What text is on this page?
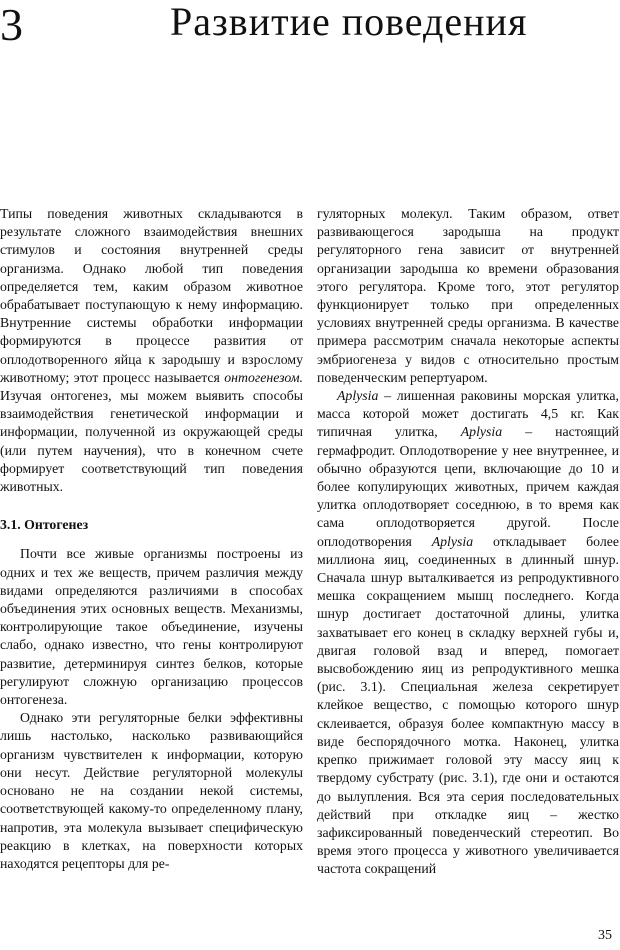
3	Развитие поведения

Типы поведения животных складываются в результате сложного взаимодействия внешних стимулов и состояния внутренней среды организма. Однако любой тип поведения определяется тем, каким образом животное обрабатывает поступающую к нему информацию. Внутренние системы обработки информации формируются в процессе развития от оплодотворенного яйца к зародышу и взрослому животному; этот процесс называется онтогенезом. Изучая онтогенез, мы можем выявить способы взаимодействия генетической информации и информации, полученной из окружающей среды (или путем научения), что в конечном счете формирует соответствующий тип поведения животных.

3.1. Онтогенез

Почти все живые организмы построены из одних и тех же веществ, причем различия между видами определяются различиями в способах объединения этих основных веществ. Механизмы, контролирующие такое объединение, изучены слабо, однако известно, что гены контролируют развитие, детерминируя синтез белков, которые регулируют сложную организацию процессов онтогенеза.

Однако эти регуляторные белки эффективны лишь настолько, насколько развивающийся организм чувствителен к информации, которую они несут. Действие регуляторной молекулы основано не на создании некой системы, соответствующей какому-то определенному плану, напротив, эта молекула вызывает специфическую реакцию в клетках, на поверхности которых находятся рецепторы для ре-

гуляторных молекул. Таким образом, ответ развивающегося зародыша на продукт регуляторного гена зависит от внутренней организации зародыша ко времени образования этого регулятора. Кроме того, этот регулятор функционирует только при определенных условиях внутренней среды организма. В качестве примера рассмотрим сначала некоторые аспекты эмбриогенеза у видов с относительно простым поведенческим репертуаром.

Aplysia – лишенная раковины морская улитка, масса которой может достигать 4,5 кг. Как типичная улитка, Aplysia – настоящий гермафродит. Оплодотворение у нее внутреннее, и обычно образуются цепи, включающие до 10 и более копулирующих животных, причем каждая улитка оплодотворяет соседнюю, в то время как сама оплодотворяется другой. После оплодотворения Aplysia откладывает более миллиона яиц, соединенных в длинный шнур. Сначала шнур выталкивается из репродуктивного мешка сокращением мышц последнего. Когда шнур достигает достаточной длины, улитка захватывает его конец в складку верхней губы и, двигая головой взад и вперед, помогает высвобождению яиц из репродуктивного мешка (рис. 3.1). Специальная железа секретирует клейкое вещество, с помощью которого шнур склеивается, образуя более компактную массу в виде беспорядочного мотка. Наконец, улитка крепко прижимает головой эту массу яиц к твердому субстрату (рис. 3.1), где они и остаются до вылупления. Вся эта серия последовательных действий при откладке яиц – жестко зафиксированный поведенческий стереотип. Во время этого процесса у животного увеличивается частота сокращений

35
